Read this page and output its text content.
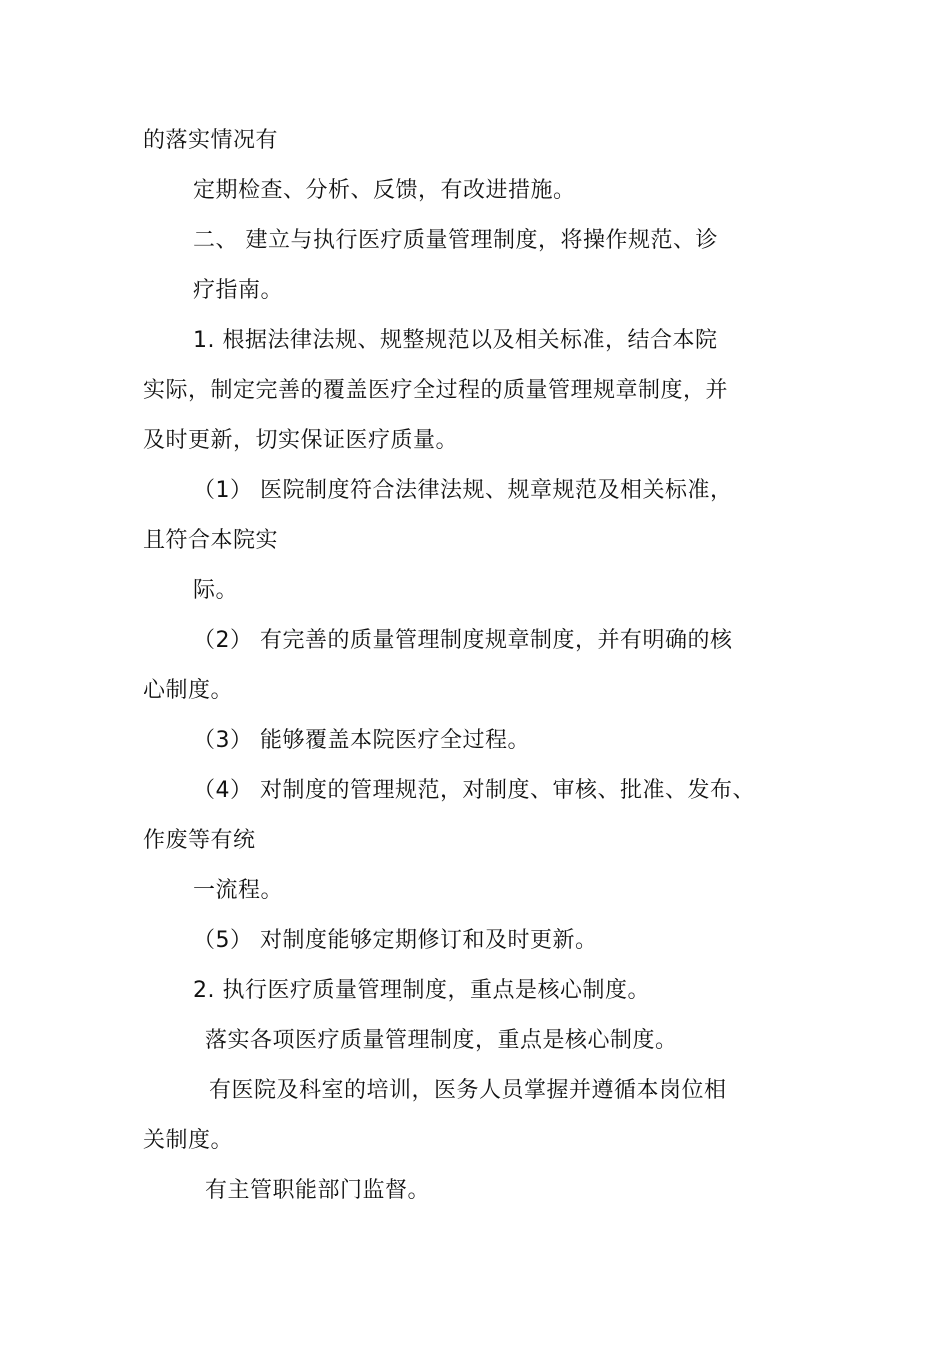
的落实情况有
定期检查、分析、反馈，有改进措施。
二、 建立与执行医疗质量管理制度，将操作规范、诊
疗指南。
1. 根据法律法规、规整规范以及相关标准，结合本院
实际，制定完善的覆盖医疗全过程的质量管理规章制度，并
及时更新，切实保证医疗质量。
（1） 医院制度符合法律法规、规章规范及相关标准，
且符合本院实
际。
（2） 有完善的质量管理制度规章制度，并有明确的核
心制度。
（3） 能够覆盖本院医疗全过程。
（4） 对制度的管理规范，对制度、审核、批准、发布、
作废等有统
一流程。
（5） 对制度能够定期修订和及时更新。
2. 执行医疗质量管理制度，重点是核心制度。
落实各项医疗质量管理制度，重点是核心制度。
有医院及科室的培训，医务人员掌握并遵循本岗位相
关制度。
有主管职能部门监督。
